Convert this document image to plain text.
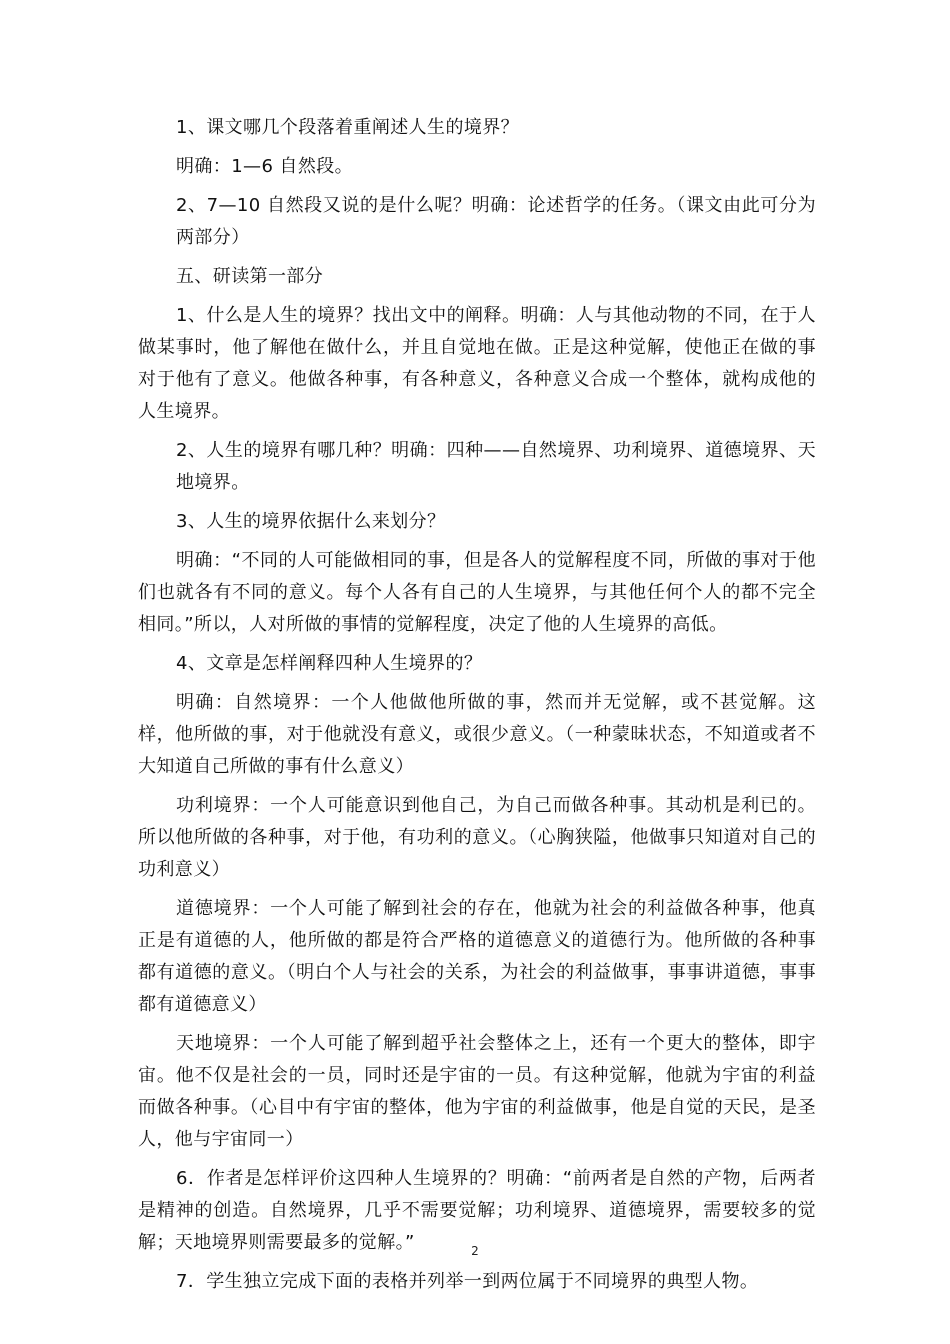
1、课文哪几个段落着重阐述人生的境界？

明确：1—6 自然段。

2、7—10 自然段又说的是什么呢？明确：论述哲学的任务。（课文由此可分为两部分）

五、研读第一部分

1、什么是人生的境界？找出文中的阐释。明确：人与其他动物的不同，在于人做某事时，他了解他在做什么，并且自觉地在做。正是这种觉解，使他正在做的事对于他有了意义。他做各种事，有各种意义，各种意义合成一个整体，就构成他的人生境界。

2、人生的境界有哪几种？明确：四种——自然境界、功利境界、道德境界、天地境界。

3、人生的境界依据什么来划分？

明确：“不同的人可能做相同的事，但是各人的觉解程度不同，所做的事对于他们也就各有不同的意义。每个人各有自己的人生境界，与其他任何个人的都不完全相同。”所以，人对所做的事情的觉解程度，决定了他的人生境界的高低。

4、文章是怎样阐释四种人生境界的？

明确：自然境界：一个人他做他所做的事，然而并无觉解，或不甚觉解。这样，他所做的事，对于他就没有意义，或很少意义。（一种蒙昧状态，不知道或者不大知道自己所做的事有什么意义）

功利境界：一个人可能意识到他自己，为自己而做各种事。其动机是利已的。所以他所做的各种事，对于他，有功利的意义。（心胸狭隘，他做事只知道对自己的功利意义）

道德境界：一个人可能了解到社会的存在，他就为社会的利益做各种事，他真正是有道德的人，他所做的都是符合严格的道德意义的道德行为。他所做的各种事都有道德的意义。（明白个人与社会的关系，为社会的利益做事，事事讲道德，事事都有道德意义）

天地境界：一个人可能了解到超乎社会整体之上，还有一个更大的整体，即宇宙。他不仅是社会的一员，同时还是宇宙的一员。有这种觉解，他就为宇宙的利益而做各种事。（心目中有宇宙的整体，他为宇宙的利益做事，他是自觉的天民，是圣人，他与宇宙同一）

6．作者是怎样评价这四种人生境界的？明确：“前两者是自然的产物，后两者是精神的创造。自然境界，几乎不需要觉解；功利境界、道德境界，需要较多的觉解；天地境界则需要最多的觉解。”

7．学生独立完成下面的表格并列举一到两位属于不同境界的典型人物。

2
